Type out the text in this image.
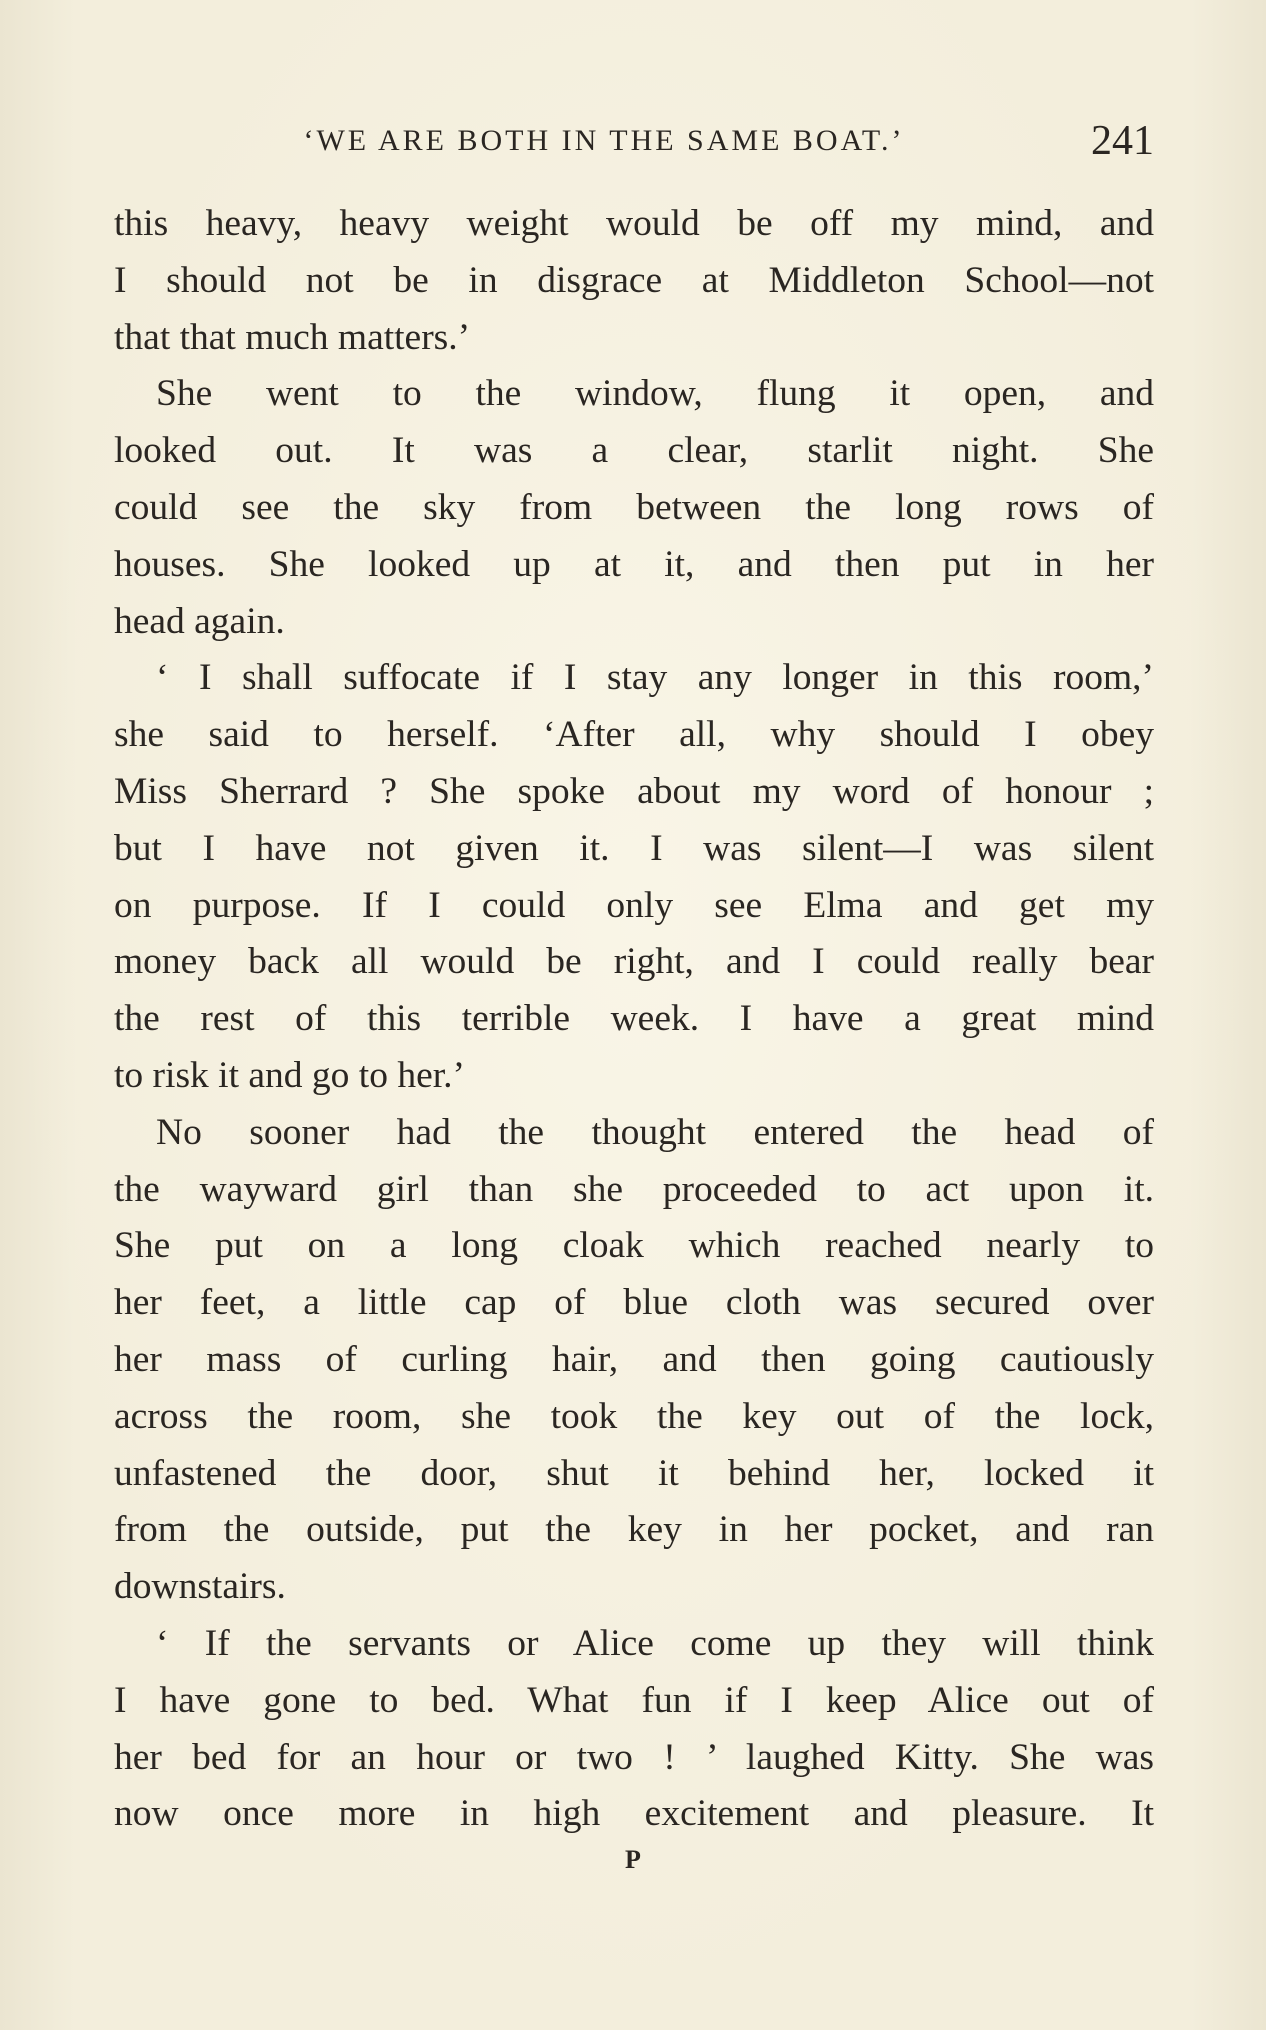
‘WE ARE BOTH IN THE SAME BOAT.’	241
this heavy, heavy weight would be off my mind, and
I should not be in disgrace at Middleton School—not
that that much matters.’
She went to the window, flung it open, and
looked out. It was a clear, starlit night. She
could see the sky from between the long rows of
houses. She looked up at it, and then put in her
head again.
‘ I shall suffocate if I stay any longer in this room,’
she said to herself. ‘After all, why should I obey
Miss Sherrard ? She spoke about my word of honour ;
but I have not given it. I was silent—I was silent
on purpose. If I could only see Elma and get my
money back all would be right, and I could really bear
the rest of this terrible week. I have a great mind
to risk it and go to her.’
No sooner had the thought entered the head of
the wayward girl than she proceeded to act upon it.
She put on a long cloak which reached nearly to
her feet, a little cap of blue cloth was secured over
her mass of curling hair, and then going cautiously
across the room, she took the key out of the lock,
unfastened the door, shut it behind her, locked it
from the outside, put the key in her pocket, and ran
downstairs.
‘ If the servants or Alice come up they will think
I have gone to bed. What fun if I keep Alice out of
her bed for an hour or two ! ’ laughed Kitty. She was
now once more in high excitement and pleasure. It
P
